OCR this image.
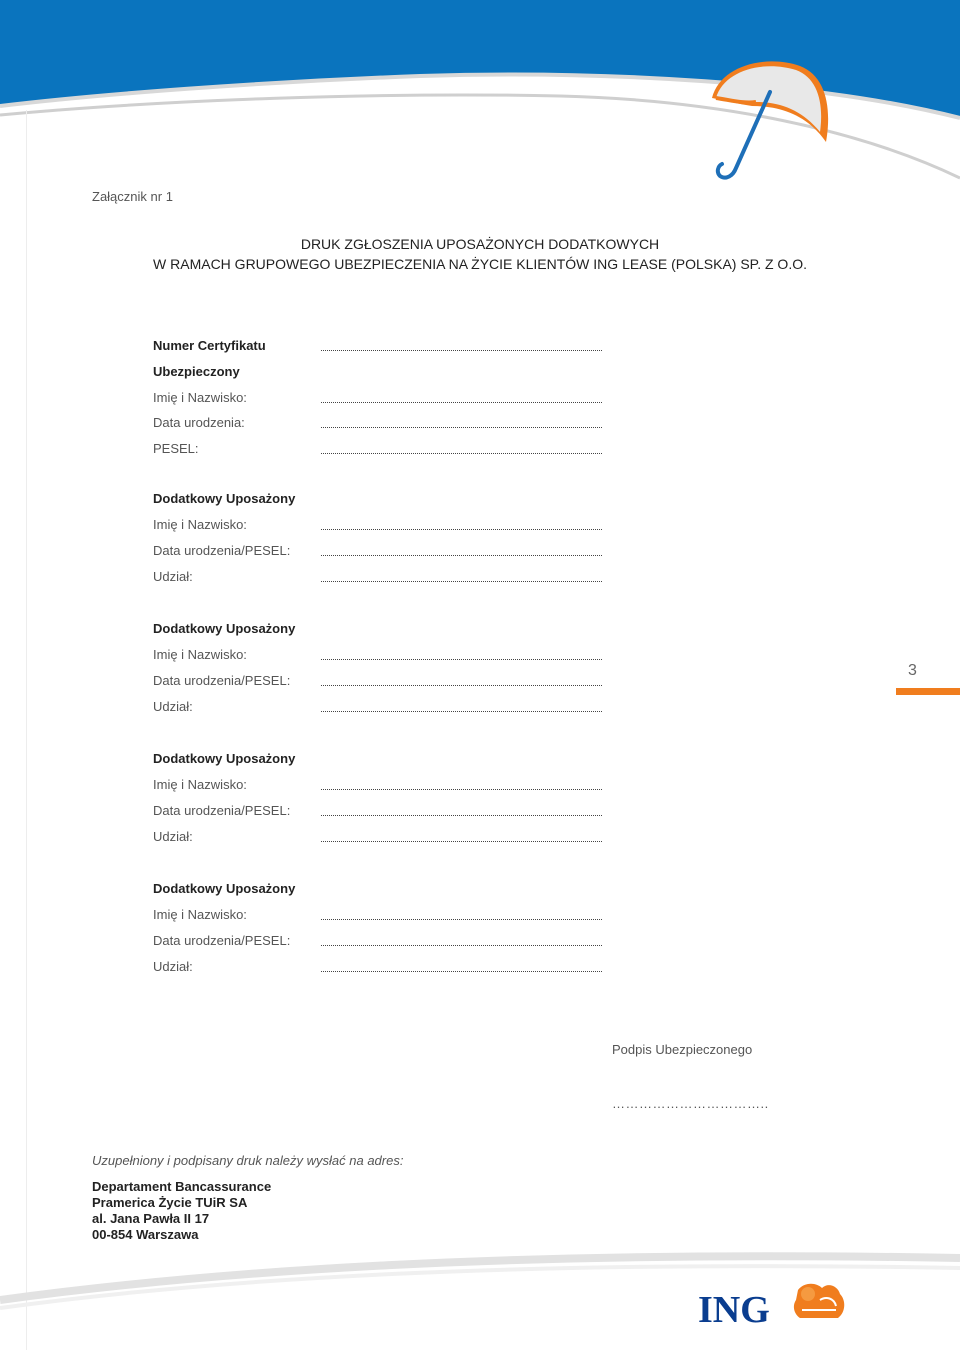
Załącznik nr 1
DRUK ZGŁOSZENIA UPOSAŻONYCH DODATKOWYCH
W RAMACH GRUPOWEGO UBEZPIECZENIA NA ŻYCIE KLIENTÓW ING LEASE (POLSKA) SP. Z O.O.
Numer Certyfikatu
Ubezpieczony
Imię i Nazwisko:
Data urodzenia:
PESEL:
Dodatkowy Uposażony
Imię i Nazwisko:
Data urodzenia/PESEL:
Udział:
Dodatkowy Uposażony
Imię i Nazwisko:
Data urodzenia/PESEL:
Udział:
Dodatkowy Uposażony
Imię i Nazwisko:
Data urodzenia/PESEL:
Udział:
Dodatkowy Uposażony
Imię i Nazwisko:
Data urodzenia/PESEL:
Udział:
3
Podpis Ubezpieczonego
……………………………..
Uzupełniony i podpisany druk należy wysłać na adres:
Departament Bancassurance
Pramerica Życie TUiR SA
al. Jana Pawła II 17
00-854 Warszawa
ING
